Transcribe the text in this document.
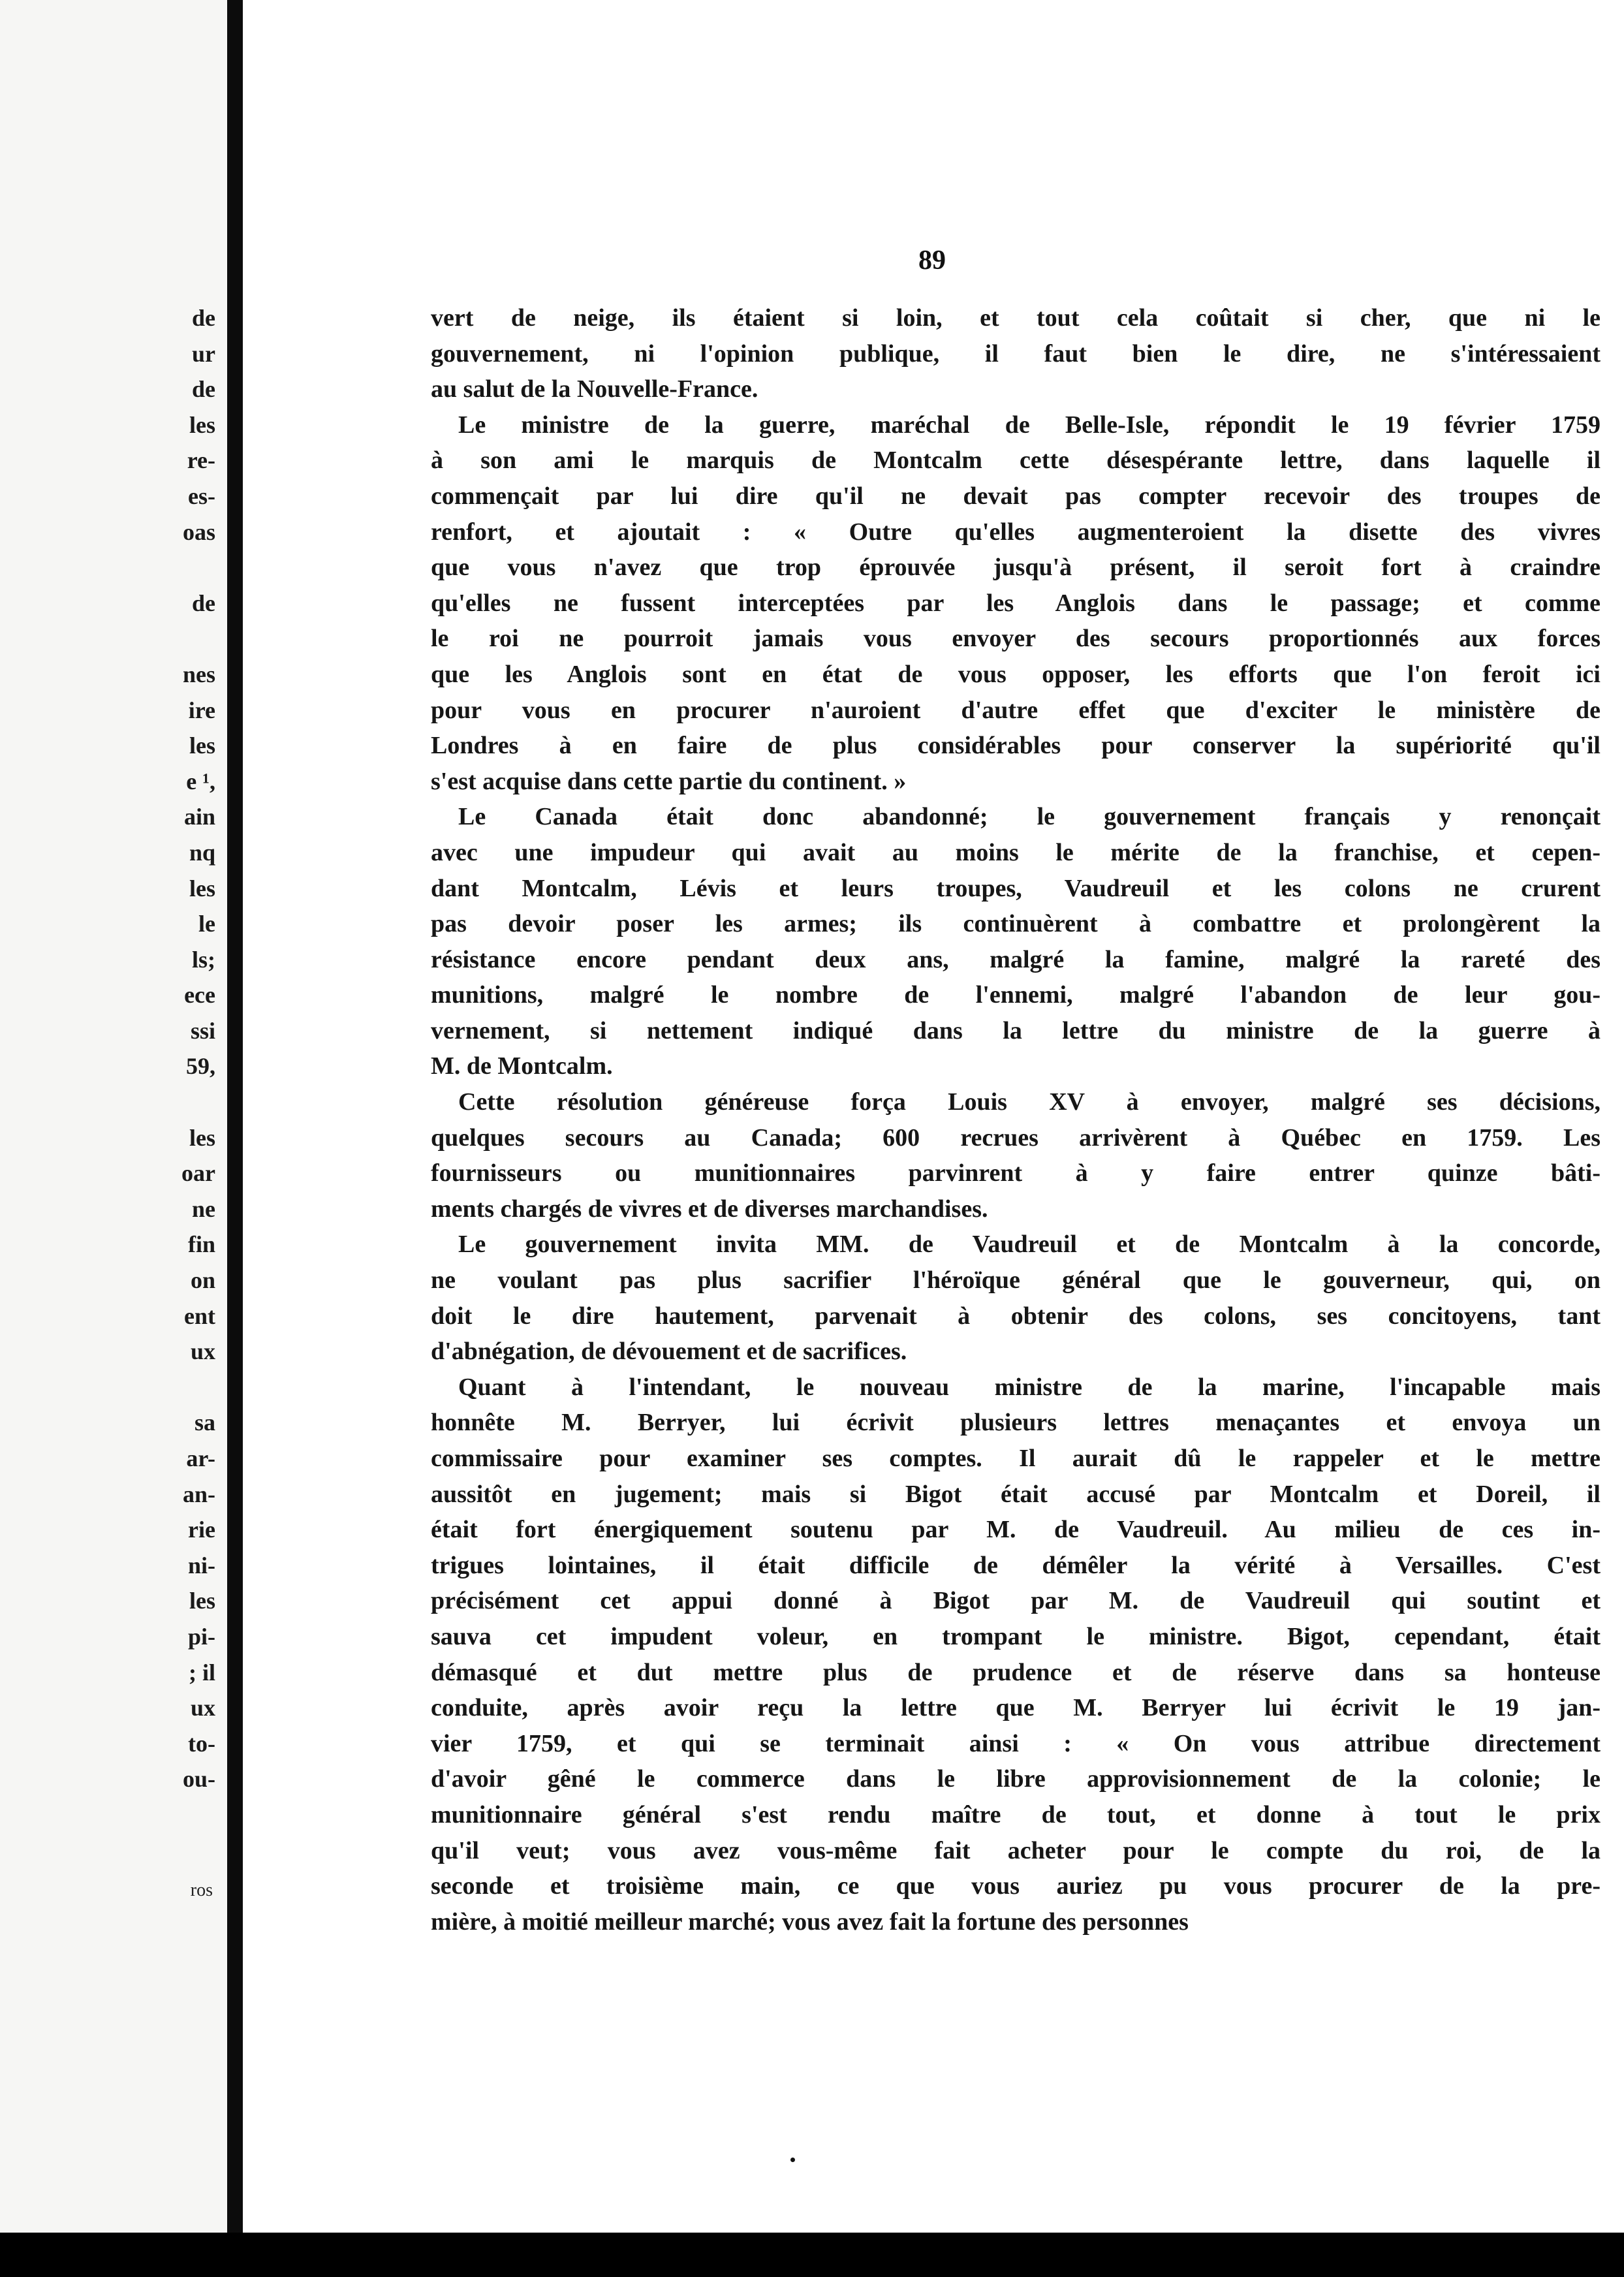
de
ur
de
les
re-
es-
oas
de
nes
ire
les
e ¹,
ain
nq
les
le
ls;
ece
ssi
59,
les
oar
ne
fin
on
ent
ux
sa
ar-
an-
rie
ni-
les
pi-
; il
ux
to-
ou-
ros
89

vert de neige, ils étaient si loin, et tout cela coûtait si cher, que ni le

gouvernement, ni l'opinion publique, il faut bien le dire, ne s'intéressaient

au salut de la Nouvelle-France.

Le ministre de la guerre, maréchal de Belle-Isle, répondit le 19 février 1759

à son ami le marquis de Montcalm cette désespérante lettre, dans laquelle il

commençait par lui dire qu'il ne devait pas compter recevoir des troupes de

renfort, et ajoutait : « Outre qu'elles augmenteroient la disette des vivres

que vous n'avez que trop éprouvée jusqu'à présent, il seroit fort à craindre

qu'elles ne fussent interceptées par les Anglois dans le passage; et comme

le roi ne pourroit jamais vous envoyer des secours proportionnés aux forces

que les Anglois sont en état de vous opposer, les efforts que l'on feroit ici

pour vous en procurer n'auroient d'autre effet que d'exciter le ministère de

Londres à en faire de plus considérables pour conserver la supériorité qu'il

s'est acquise dans cette partie du continent. »

Le Canada était donc abandonné; le gouvernement français y renonçait

avec une impudeur qui avait au moins le mérite de la franchise, et cepen-

dant Montcalm, Lévis et leurs troupes, Vaudreuil et les colons ne crurent

pas devoir poser les armes; ils continuèrent à combattre et prolongèrent la

résistance encore pendant deux ans, malgré la famine, malgré la rareté des

munitions, malgré le nombre de l'ennemi, malgré l'abandon de leur gou-

vernement, si nettement indiqué dans la lettre du ministre de la guerre à

M. de Montcalm.

Cette résolution généreuse força Louis XV à envoyer, malgré ses décisions,

quelques secours au Canada; 600 recrues arrivèrent à Québec en 1759. Les

fournisseurs ou munitionnaires parvinrent à y faire entrer quinze bâti-

ments chargés de vivres et de diverses marchandises.

Le gouvernement invita MM. de Vaudreuil et de Montcalm à la concorde,

ne voulant pas plus sacrifier l'héroïque général que le gouverneur, qui, on

doit le dire hautement, parvenait à obtenir des colons, ses concitoyens, tant

d'abnégation, de dévouement et de sacrifices.

Quant à l'intendant, le nouveau ministre de la marine, l'incapable mais

honnête M. Berryer, lui écrivit plusieurs lettres menaçantes et envoya un

commissaire pour examiner ses comptes. Il aurait dû le rappeler et le mettre

aussitôt en jugement; mais si Bigot était accusé par Montcalm et Doreil, il

était fort énergiquement soutenu par M. de Vaudreuil. Au milieu de ces in-

trigues lointaines, il était difficile de démêler la vérité à Versailles. C'est

précisément cet appui donné à Bigot par M. de Vaudreuil qui soutint et

sauva cet impudent voleur, en trompant le ministre. Bigot, cependant, était

démasqué et dut mettre plus de prudence et de réserve dans sa honteuse

conduite, après avoir reçu la lettre que M. Berryer lui écrivit le 19 jan-

vier 1759, et qui se terminait ainsi : « On vous attribue directement

d'avoir gêné le commerce dans le libre approvisionnement de la colonie; le

munitionnaire général s'est rendu maître de tout, et donne à tout le prix

qu'il veut; vous avez vous-même fait acheter pour le compte du roi, de la

seconde et troisième main, ce que vous auriez pu vous procurer de la pre-

mière, à moitié meilleur marché; vous avez fait la fortune des personnes
